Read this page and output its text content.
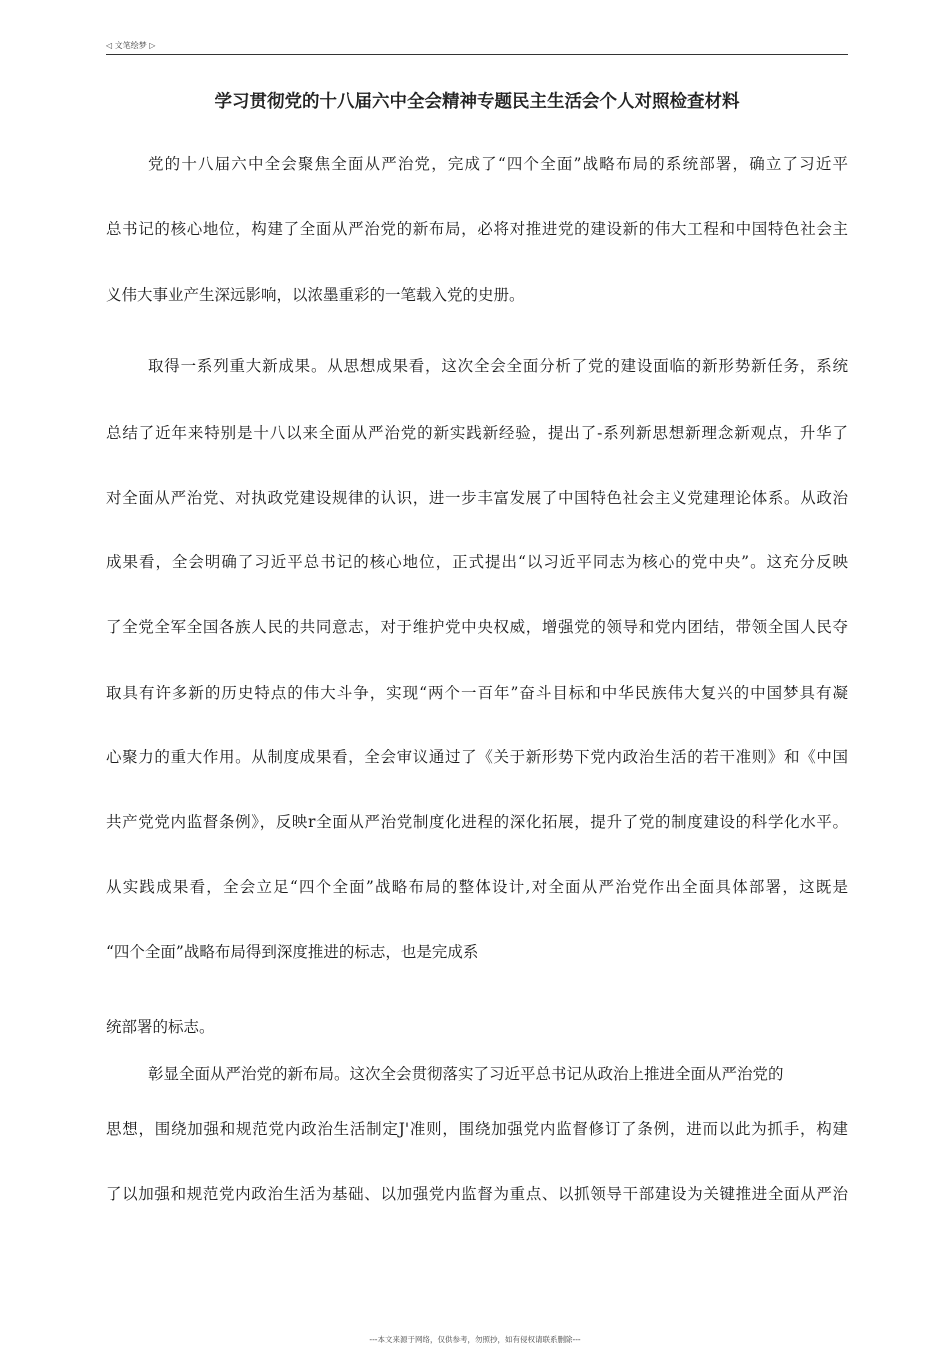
◁ 文笔绘梦 ▷
学习贯彻党的十八届六中全会精神专题民主生活会个人对照检查材料
党的十八届六中全会聚焦全面从严治党，完成了“四个全面”战略布局的系统部署，确立了习近平
总书记的核心地位，构建了全面从严治党的新布局，必将对推进党的建设新的伟大工程和中国特色社会主
义伟大事业产生深远影响，以浓墨重彩的一笔载入党的史册。
取得一系列重大新成果。从思想成果看，这次全会全面分析了党的建设面临的新形势新任务，系统
总结了近年来特别是十八以来全面从严治党的新实践新经验，提出了-系列新思想新理念新观点，升华了
对全面从严治党、对执政党建设规律的认识，进一步丰富发展了中国特色社会主义党建理论体系。从政治
成果看，全会明确了习近平总书记的核心地位，正式提出“以习近平同志为核心的党中央”。这充分反映
了全党全军全国各族人民的共同意志，对于维护党中央权威，增强党的领导和党内团结，带领全国人民夺
取具有许多新的历史特点的伟大斗争，实现“两个一百年”奋斗目标和中华民族伟大复兴的中国梦具有凝
心聚力的重大作用。从制度成果看，全会审议通过了《关于新形势下党内政治生活的若干准则》和《中国
共产党党内监督条例》，反映r全面从严治党制度化进程的深化拓展，提升了党的制度建设的科学化水平。
从实践成果看，全会立足“四个全面”战略布局的整体设计,对全面从严治党作出全面具体部署，这既是
“四个全面”战略布局得到深度推进的标志，也是完成系
统部署的标志。
彰显全面从严治党的新布局。这次全会贯彻落实了习近平总书记从政治上推进全面从严治党的
思想，围绕加强和规范党内政治生活制定J'准则，围绕加强党内监督修订了条例，进而以此为抓手，构建
了以加强和规范党内政治生活为基础、以加强党内监督为重点、以抓领导干部建设为关键推进全面从严治
---本文来源于网络，仅供参考，勿照抄，如有侵权请联系删除---
